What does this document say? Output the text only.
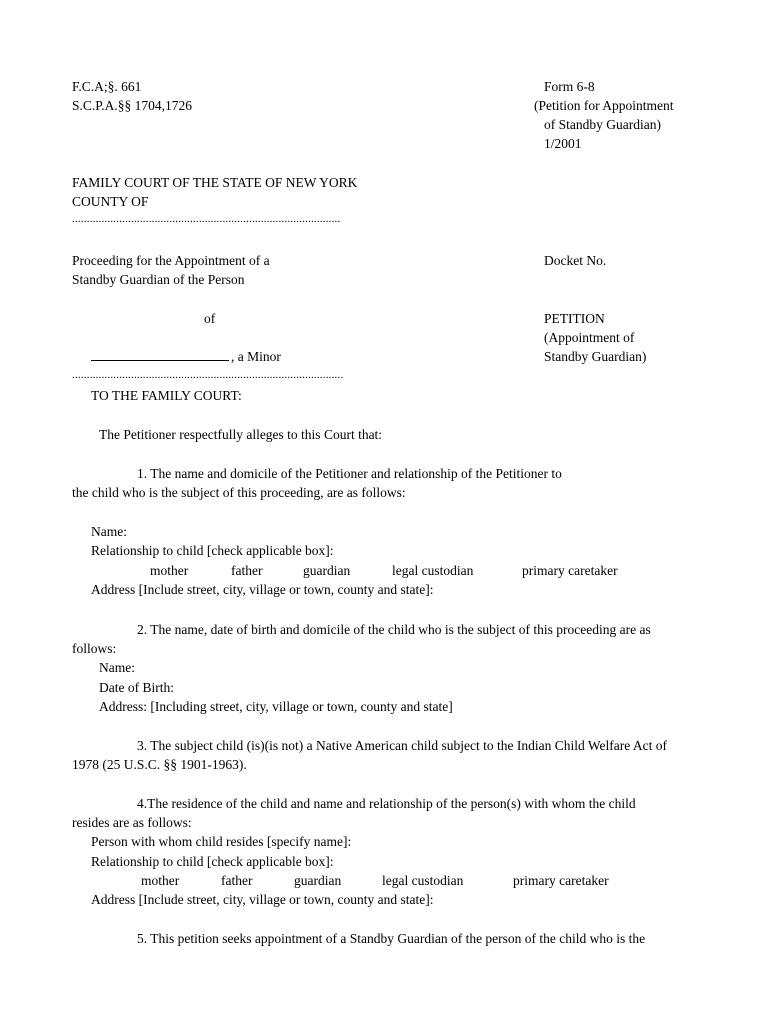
F.C.A;§. 661
S.C.P.A.§§ 1704,1726
Form 6-8
(Petition for Appointment
of Standby Guardian)
1/2001
FAMILY COURT OF THE STATE OF NEW YORK
COUNTY OF
...........................................................................................
Proceeding for the Appointment of a
Standby Guardian of the Person
Docket No.
of	PETITION
(Appointment of
Standby Guardian)
, a Minor
............................................................................................
TO THE FAMILY COURT:
The Petitioner respectfully alleges to this Court that:
1. The name and domicile of the Petitioner and relationship of the Petitioner to
the child who is the subject of this proceeding, are as follows:
Name:
Relationship to child [check applicable box]:
mother	father	guardian	legal custodian	primary caretaker
Address [Include street, city, village or town, county and state]:
2. The name, date of birth and domicile of the child who is the subject of this proceeding are as
follows:
Name:
Date of Birth:
Address: [Including street, city, village or town, county and state]
3. The subject child (is)(is not) a Native American child subject to the Indian Child Welfare Act of
1978 (25 U.S.C. §§ 1901-1963).
4.The residence of the child and name and relationship of the person(s) with whom the child
resides are as follows:
Person with whom child resides [specify name]:
Relationship to child [check applicable box]:
mother	father	guardian	legal custodian	primary caretaker
Address [Include street, city, village or town, county and state]:
5. This petition seeks appointment of a Standby Guardian of the person of the child who is the
